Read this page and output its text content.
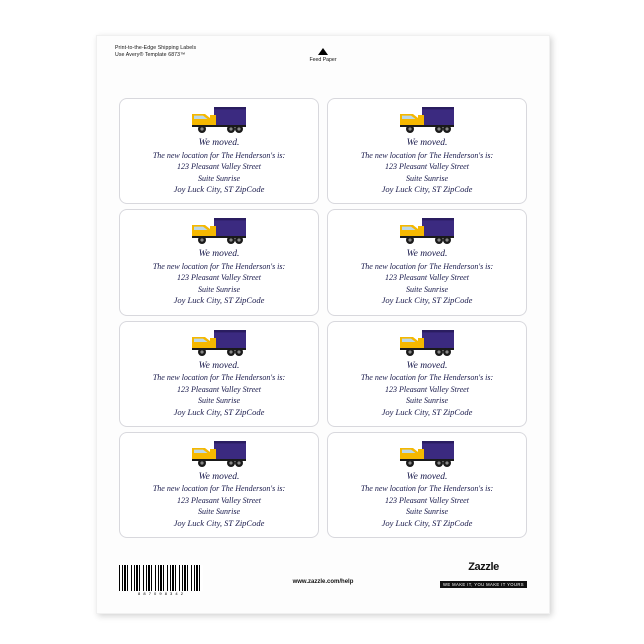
Print-to-the-Edge Shipping Labels
Use Avery® Template 6873™
Feed Paper
We moved.
The new location for The Henderson's is:
123 Pleasant Valley Street
Suite Sunrise
Joy Luck City, ST ZipCode
We moved.
The new location for The Henderson's is:
123 Pleasant Valley Street
Suite Sunrise
Joy Luck City, ST ZipCode
We moved.
The new location for The Henderson's is:
123 Pleasant Valley Street
Suite Sunrise
Joy Luck City, ST ZipCode
We moved.
The new location for The Henderson's is:
123 Pleasant Valley Street
Suite Sunrise
Joy Luck City, ST ZipCode
We moved.
The new location for The Henderson's is:
123 Pleasant Valley Street
Suite Sunrise
Joy Luck City, ST ZipCode
We moved.
The new location for The Henderson's is:
123 Pleasant Valley Street
Suite Sunrise
Joy Luck City, ST ZipCode
We moved.
The new location for The Henderson's is:
123 Pleasant Valley Street
Suite Sunrise
Joy Luck City, ST ZipCode
We moved.
The new location for The Henderson's is:
123 Pleasant Valley Street
Suite Sunrise
Joy Luck City, ST ZipCode
8 8 7 0 9 8 3 4 2
www.zazzle.com/help
Zazzle
WE MAKE IT, YOU MAKE IT YOURS
